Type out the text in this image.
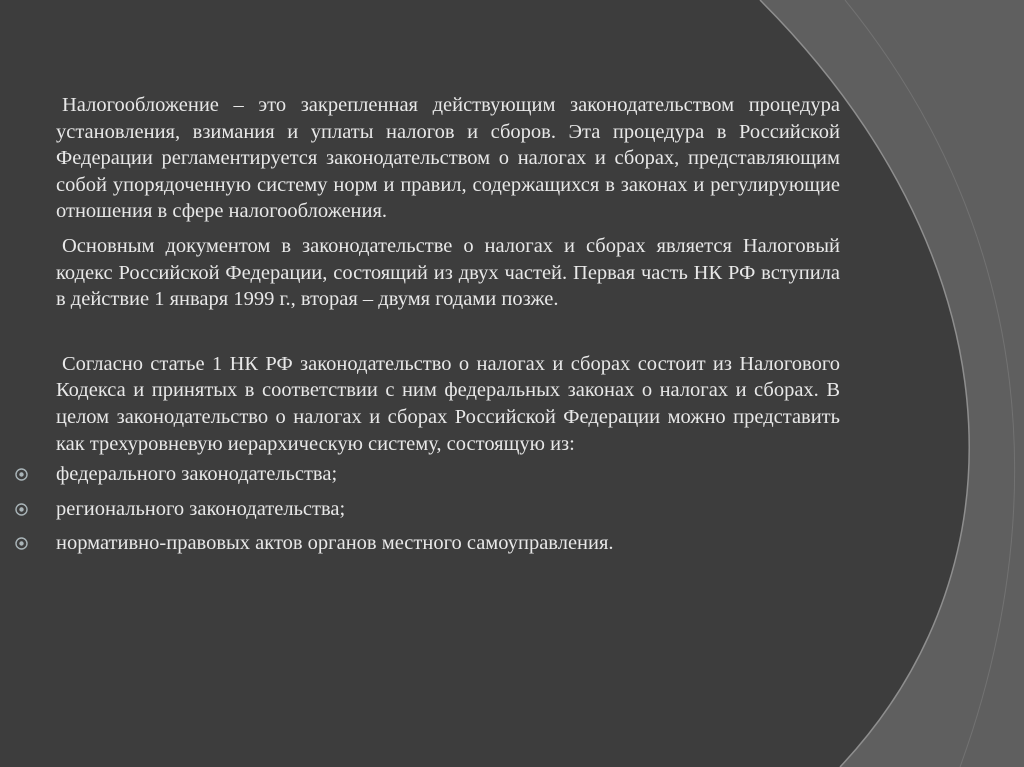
Налогообложение – это закрепленная действующим законодательством процедура установления, взимания и уплаты налогов и сборов. Эта процедура в Российской Федерации регламентируется законодательством о налогах и сборах, представляющим собой упорядоченную систему норм и правил, содержащихся в законах и регулирующие отношения в сфере налогообложения.

Основным документом в законодательстве о налогах и сборах является Налоговый кодекс Российской Федерации, состоящий из двух частей. Первая часть НК РФ вступила в действие 1 января 1999 г., вторая – двумя годами позже.

Согласно статье 1 НК РФ законодательство о налогах и сборах состоит из Налогового Кодекса и принятых в соответствии с ним федеральных законах о налогах и сборах. В целом законодательство о налогах и сборах Российской Федерации можно представить как трехуровневую иерархическую систему, состоящую из:

федерального законодательства;
регионального законодательства;
нормативно-правовых актов органов местного самоуправления.
